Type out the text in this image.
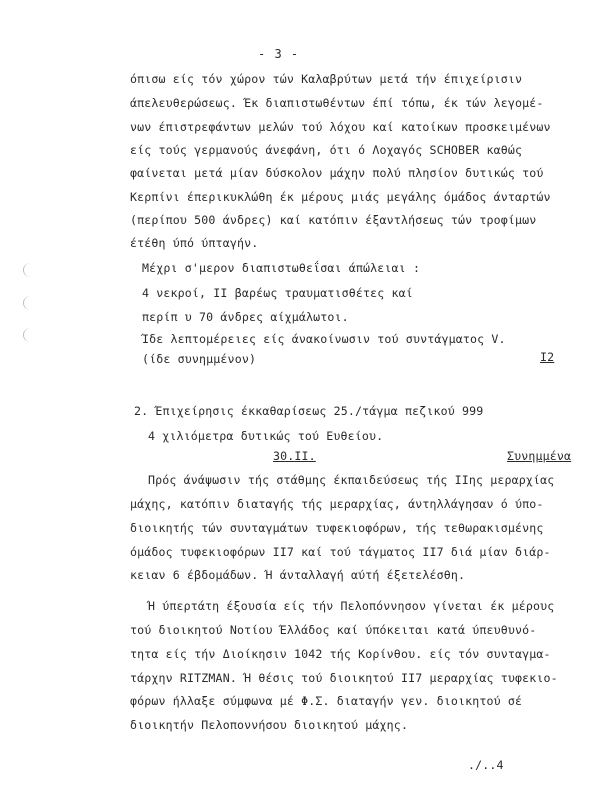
- 3 -
όπισω είς τόν χώρον τών Καλαβρύτων μετά τήν έπιχείρισιν
άπελευθερώσεως. Έκ διαπιστωθέντων έπί τόπω, έκ τών λεγομέ-
νων έπιστρεφάντων μελών τού λόχου καί κατοίκων προσκειμένων
είς τούς γερμανούς άνεφάνη, ότι ό Λοχαγός SCHOBER καθώς
φαίνεται μετά μίαν δύσκολον μάχην πολύ πλησίον δυτικώς τού
Κερπίνι έπερικυκλώθη έκ μέρους μιάς μεγάλης όμάδος άνταρτών
(περίπου 500 άνδρες) καί κατόπιν έξαντλήσεως τών τροφίμων
έτέθη ύπό ύπταγήν.
Μέχρι σ'μερον διαπιστωθεΐσαι άπώλειαι :
4 νεκροί, ΙΙ βαρέως τραυματισθέτες καί
περίπ υ 70 άνδρες αίχμάλωτοι.
Ίδε λεπτομέρειες είς άνακοίνωσιν τού συντάγματος V.
(ίδε συνημμένον)	I2
2. Έπιχείρησις έκκαθαρίσεως 25./τάγμα πεζικού 999
4 χιλιόμετρα δυτικώς τού Ευθείου.
30.II.	Συνημμένα
Πρός άνάψωσιν τής στάθμης έκπαιδεύσεως τής IIης μεραρχίας
μάχης, κατόπιν διαταγής τής μεραρχίας, άντηλλάγησαν ό ύπο-
διοικητής τών συνταγμάτων τυφεκιοφόρων, τής τεθωρακισμένης
όμάδος τυφεκιοφόρων II7 καί τού τάγματος II7 διά μίαν διάρ-
κειαν 6 έβδομάδων. Ή άνταλλαγή αύτή έξετελέσθη.
Ή ύπερτάτη έξουσία είς τήν Πελοπόννησον γίνεται έκ μέρους
τού διοικητού Νοτίου Έλλάδος καί ύπόκειται κατά ύπευθυνό-
τητα είς τήν Διοίκησιν 1042 τής Κορίνθου. είς τόν συνταγμα-
τάρχην RITZMAN. Ή θέσις τού διοικητού II7 μεραρχίας τυφεκιο-
φόρων ήλλαξε σύμφωνα μέ Φ.Σ. διαταγήν γεν. διοικητού σέ
διοικητήν Πελοποννήσου διοικητού μάχης.
./..4
